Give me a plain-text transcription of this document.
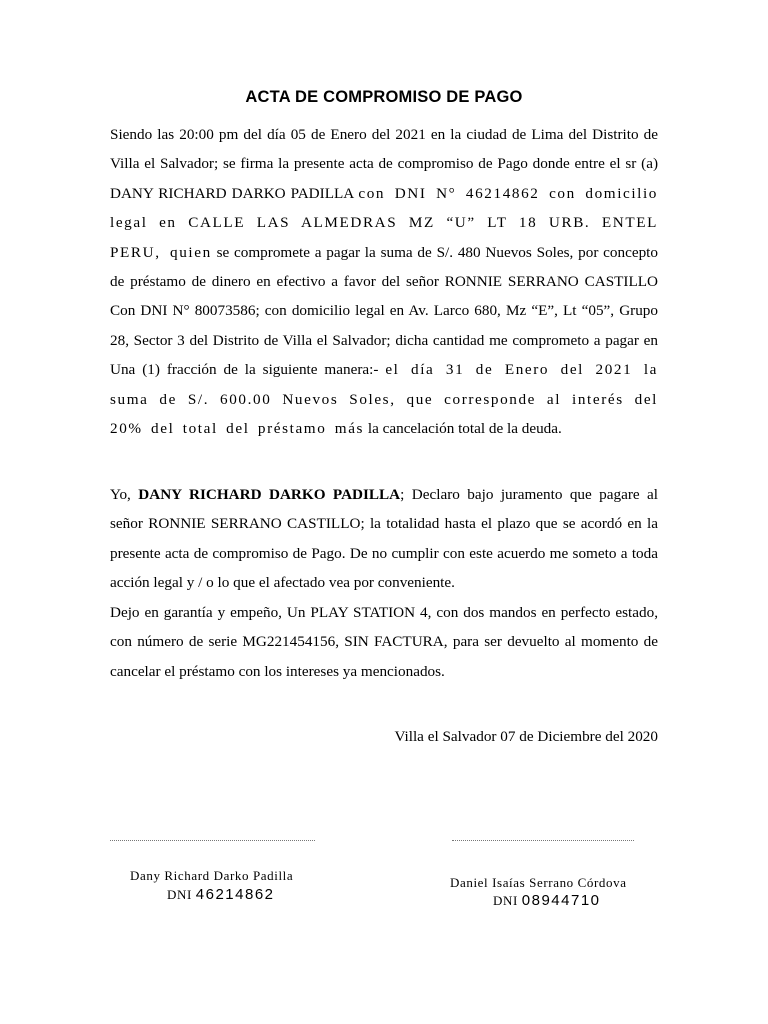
ACTA DE COMPROMISO DE PAGO
Siendo las 20:00 pm del día 05 de Enero del 2021 en la ciudad de Lima del Distrito de Villa el Salvador; se firma la presente acta de compromiso de Pago donde entre el sr (a) DANY RICHARD DARKO PADILLA con DNI N° 46214862 con domicilio legal en CALLE LAS ALMEDRAS MZ “U” LT 18 URB. ENTEL PERU, quien se compromete a pagar la suma de S/. 480 Nuevos Soles, por concepto de préstamo de dinero en efectivo a favor del señor RONNIE SERRANO CASTILLO Con DNI N° 80073586; con domicilio legal en Av. Larco 680, Mz “E”, Lt “05”, Grupo 28, Sector 3 del Distrito de Villa el Salvador; dicha cantidad me comprometo a pagar en Una (1) fracción de la siguiente manera:- el día 31 de Enero del 2021 la suma de S/. 600.00 Nuevos Soles, que corresponde al interés del 20% del total del préstamo más la cancelación total de la deuda.
Yo, DANY RICHARD DARKO PADILLA; Declaro bajo juramento que pagare al señor RONNIE SERRANO CASTILLO; la totalidad hasta el plazo que se acordó en la presente acta de compromiso de Pago. De no cumplir con este acuerdo me someto a toda acción legal y / o lo que el afectado vea por conveniente.
Dejo en garantía y empeño, Un PLAY STATION 4, con dos mandos en perfecto estado, con número de serie MG221454156, SIN FACTURA, para ser devuelto al momento de cancelar el préstamo con los intereses ya mencionados.
Villa el Salvador 07 de Diciembre del 2020
Dany Richard Darko Padilla
DNI 46214862
Daniel Isaías Serrano Córdova
DNI 08944710
